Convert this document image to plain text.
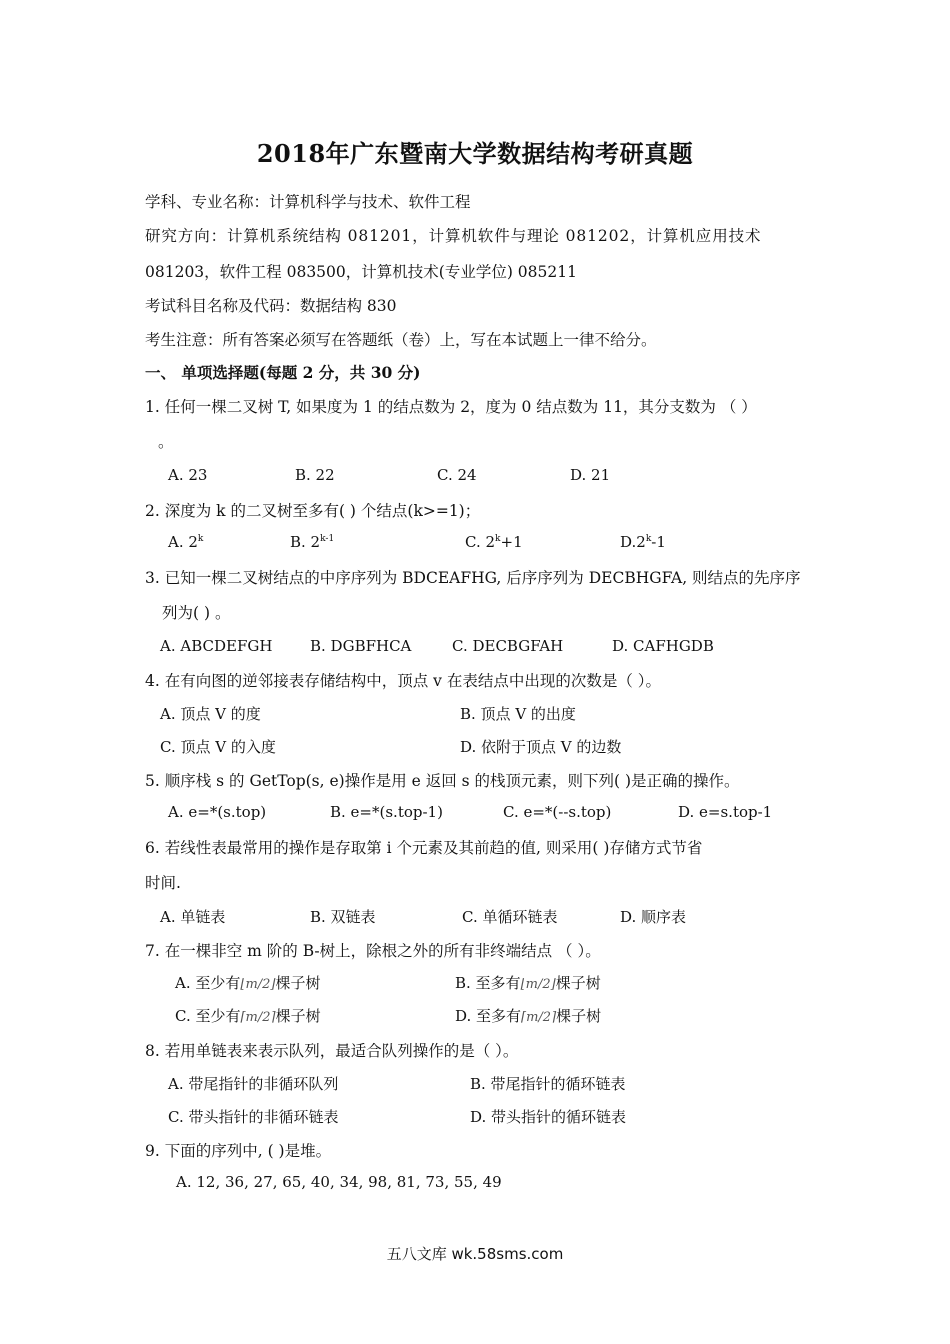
2018年广东暨南大学数据结构考研真题
学科、专业名称：计算机科学与技术、软件工程
研究方向：计算机系统结构 081201，计算机软件与理论 081202，计算机应用技术
081203，软件工程 083500，计算机技术(专业学位) 085211
考试科目名称及代码：数据结构 830
考生注意：所有答案必须写在答题纸（卷）上，写在本试题上一律不给分。
一、 单项选择题(每题 2 分，共 30 分)
1. 任何一棵二叉树 T, 如果度为 1 的结点数为 2，度为 0 结点数为 11，其分支数为 （ ）
。
A. 23	B. 22	C. 24	D. 21
2. 深度为 k 的二叉树至多有( ) 个结点(k>=1)；
A. 2$^k$	B. 2$^{k-1}$	C. $2^k+1$	D.2$^k$-1
3. 已知一棵二叉树结点的中序序列为 BDCEAFHG, 后序序列为 DECBHGFA, 则结点的先序序
列为( ) 。
A. ABCDEFGH	B. DGBFHCA	C. DECBGFAH	D. CAFHGDB
4. 在有向图的逆邻接表存储结构中，顶点 v 在表结点中出现的次数是（ ）。
A. 顶点 V 的度	B. 顶点 V 的出度
C. 顶点 V 的入度	D. 依附于顶点 V 的边数
5. 顺序栈 s 的 GetTop(s, e)操作是用 e 返回 s 的栈顶元素，则下列( )是正确的操作。
A. e=*(s.top)	B. e=*(s.top-1)	C. e=*(--s.top)	D. e=s.top-1
6. 若线性表最常用的操作是存取第 i 个元素及其前趋的值, 则采用( )存储方式节省
时间.
A. 单链表	B. 双链表	C. 单循环链表	D. 顺序表
7. 在一棵非空 m 阶的 B-树上，除根之外的所有非终端结点 （ ）。
A. 至少有⌊m/2⌋棵子树	B. 至多有⌊m/2⌋棵子树
C. 至少有⌈m/2⌉棵子树	D. 至多有⌈m/2⌉棵子树
8. 若用单链表来表示队列，最适合队列操作的是（ ）。
A. 带尾指针的非循环队列	B. 带尾指针的循环链表
C. 带头指针的非循环链表	D. 带头指针的循环链表
9. 下面的序列中, ( )是堆。
A. 12, 36, 27, 65, 40, 34, 98, 81, 73, 55, 49
五八文库 wk.58sms.com
